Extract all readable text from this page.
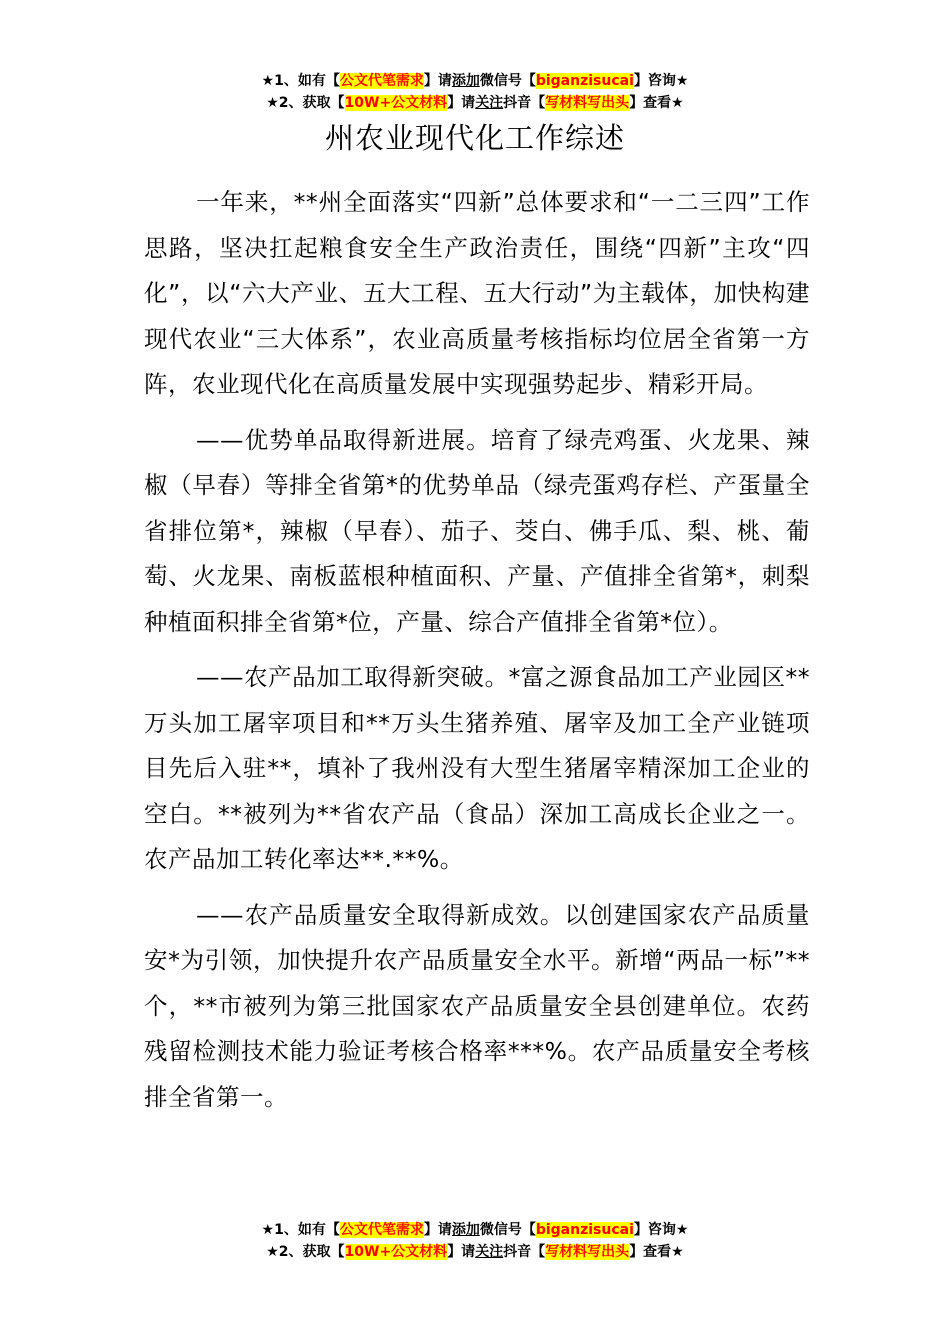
★1、如有【公文代笔需求】请添加微信号【biganzisucai】咨询★
★2、获取【10W+公文材料】请关注抖音【写材料写出头】查看★
州农业现代化工作综述

一年来，**州全面落实“四新”总体要求和“一二三四”工作思路，坚决扛起粮食安全生产政治责任，围绕“四新”主攻“四化”，以“六大产业、五大工程、五大行动”为主载体，加快构建现代农业“三大体系”，农业高质量考核指标均位居全省第一方阵，农业现代化在高质量发展中实现强势起步、精彩开局。

——优势单品取得新进展。培育了绿壳鸡蛋、火龙果、辣椒（早春）等排全省第*的优势单品（绿壳蛋鸡存栏、产蛋量全省排位第*，辣椒（早春）、茄子、茭白、佛手瓜、梨、桃、葡萄、火龙果、南板蓝根种植面积、产量、产值排全省第*，刺梨种植面积排全省第*位，产量、综合产值排全省第*位）。

——农产品加工取得新突破。*富之源食品加工产业园区**万头加工屠宰项目和**万头生猪养殖、屠宰及加工全产业链项目先后入驻**，填补了我州没有大型生猪屠宰精深加工企业的空白。**被列为**省农产品（食品）深加工高成长企业之一。农产品加工转化率达**.**%。

——农产品质量安全取得新成效。以创建国家农产品质量安*为引领，加快提升农产品质量安全水平。新增“两品一标”**个，**市被列为第三批国家农产品质量安全县创建单位。农药残留检测技术能力验证考核合格率***%。农产品质量安全考核排全省第一。

★1、如有【公文代笔需求】请添加微信号【biganzisucai】咨询★
★2、获取【10W+公文材料】请关注抖音【写材料写出头】查看★
